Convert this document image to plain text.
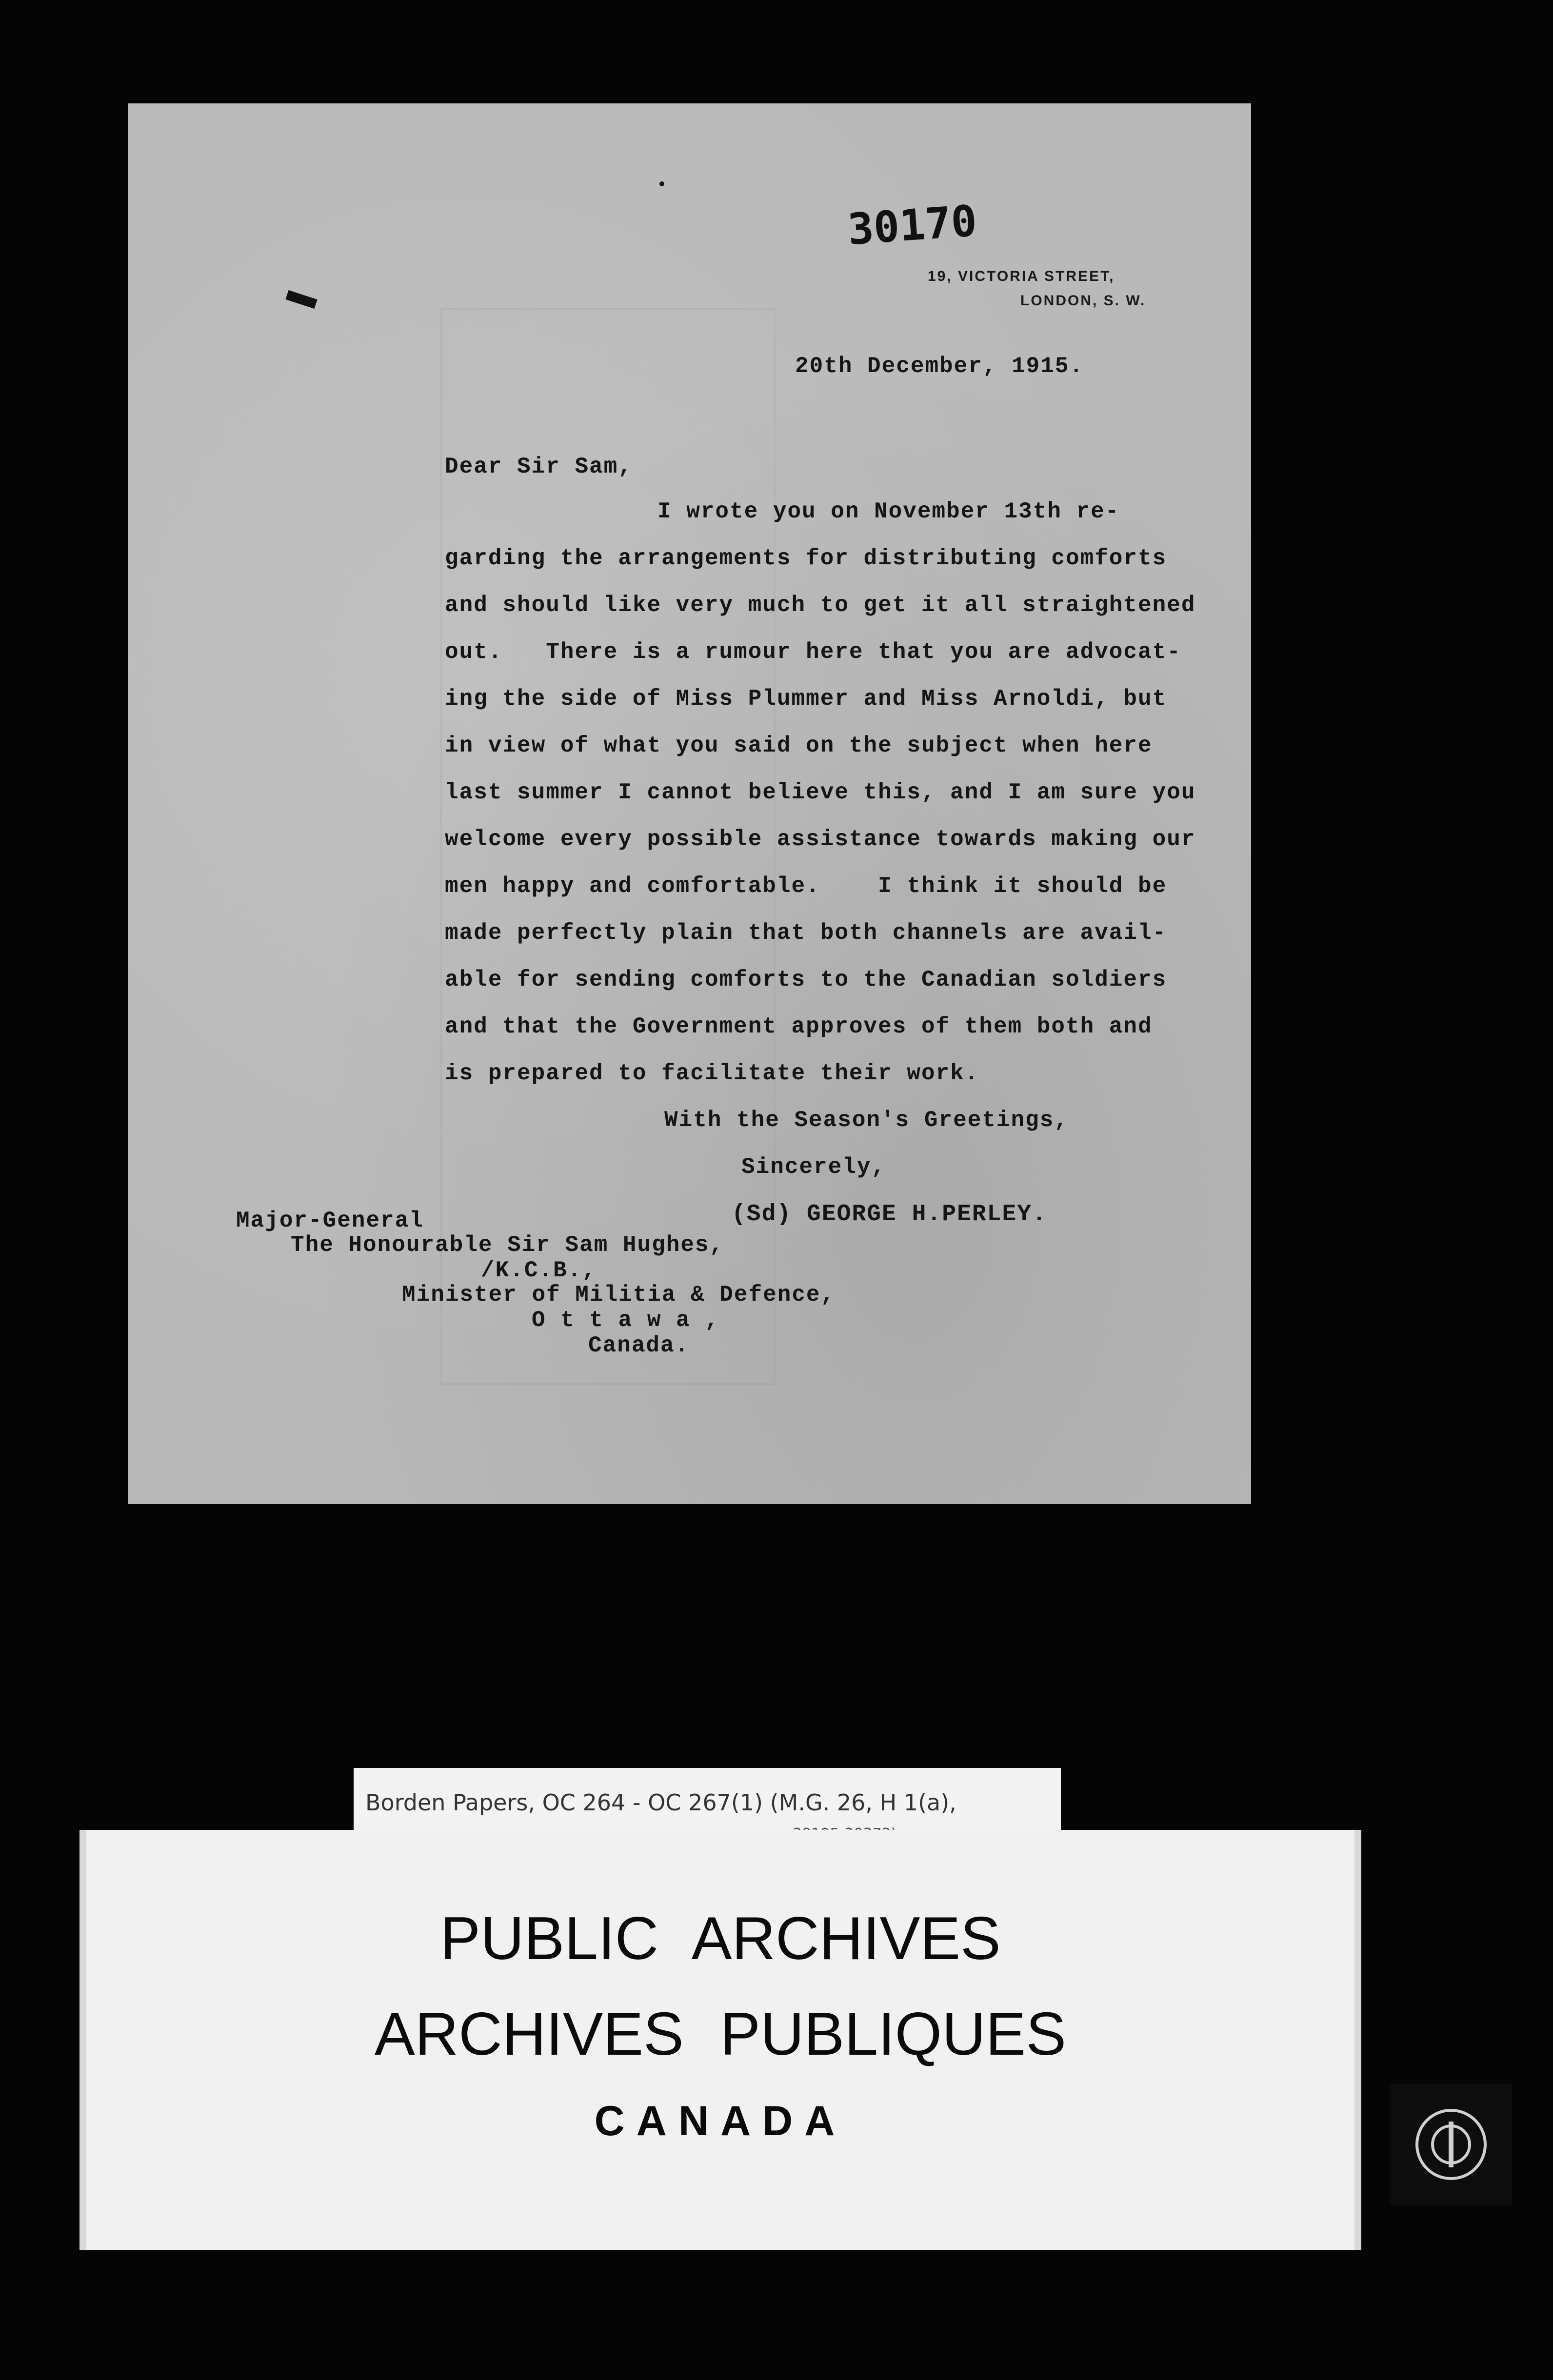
30170
19, VICTORIA STREET,
LONDON, S. W.
20th December, 1915.
Dear Sir Sam,
I wrote you on November 13th re-
garding the arrangements for distributing comforts
and should like very much to get it all straightened
out.   There is a rumour here that you are advocat-
ing the side of Miss Plummer and Miss Arnoldi, but
in view of what you said on the subject when here
last summer I cannot believe this, and I am sure you
welcome every possible assistance towards making our
men happy and comfortable.    I think it should be
made perfectly plain that both channels are avail-
able for sending comforts to the Canadian soldiers
and that the Government approves of them both and
is prepared to facilitate their work.
With the Season's Greetings,
Sincerely,
(Sd) GEORGE H.PERLEY.
Major-General
The Honourable Sir Sam Hughes,
/K.C.B.,
Minister of Militia & Defence,
O t t a w a ,
Canada.
Borden Papers, OC 264 - OC 267(1) (M.G. 26, H 1(a),
PUBLIC ARCHIVES
ARCHIVES PUBLIQUES
CANADA
